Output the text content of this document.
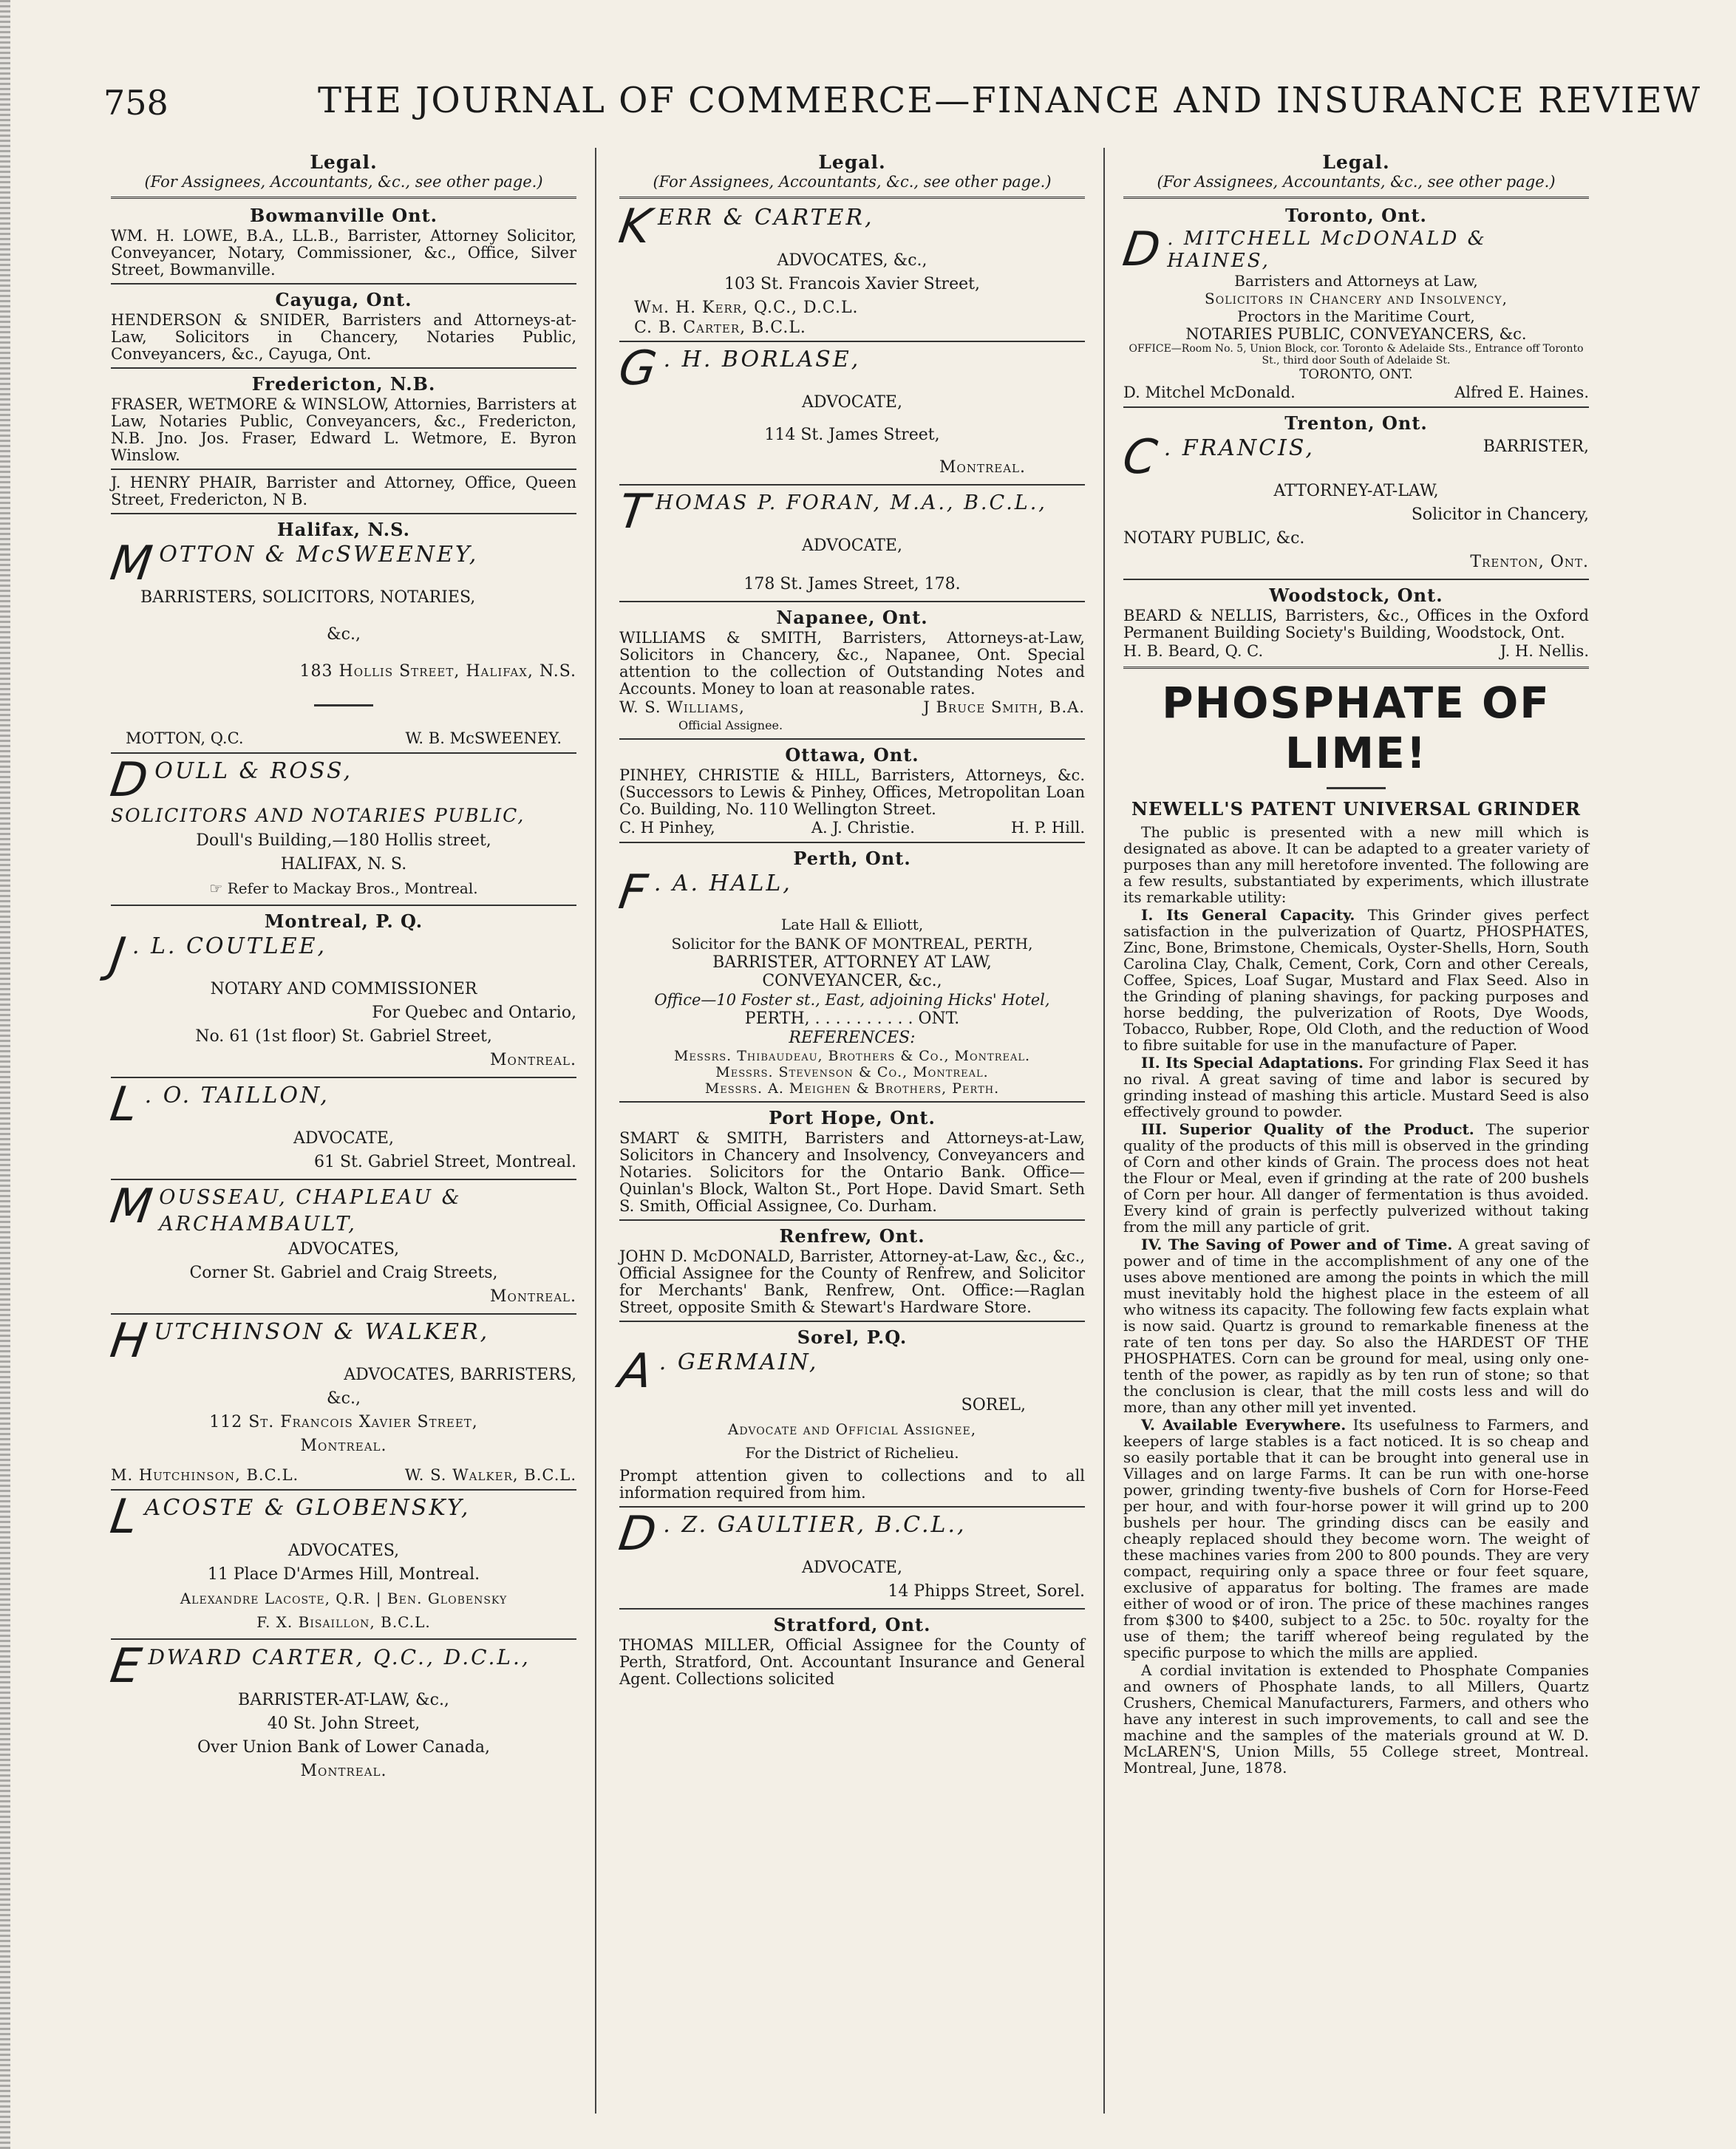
758	THE JOURNAL OF COMMERCE—FINANCE AND INSURANCE REVIEW
Legal.
(For Assignees, Accountants, &c., see other page.)
Bowmanville Ont.
WM. H. LOWE, B.A., LL.B., Barrister, Attorney Solicitor, Conveyancer, Notary, Commissioner, &c., Office, Silver Street, Bowmanville.
Cayuga, Ont.
HENDERSON & SNIDER, Barristers and Attorneys-at-Law, Solicitors in Chancery, Notaries Public, Conveyancers, &c., Cayuga, Ont.
Fredericton, N.B.
FRASER, WETMORE & WINSLOW, Attornies, Barristers at Law, Notaries Public, Conveyancers, &c., Fredericton, N.B. Jno. Jos. Fraser, Edward L. Wetmore, E. Byron Winslow.
J. HENRY PHAIR, Barrister and Attorney, Office, Queen Street, Fredericton, N B.
Halifax, N.S.
M OTTON & McSWEENEY,
BARRISTERS, SOLICITORS, NOTARIES,
&c.,
183 Hollis Street, Halifax, N.S.
MOTTON, Q.C.	W. B. McSWEENEY.
D OULL & ROSS,
SOLICITORS AND NOTARIES PUBLIC,
Doull's Building,—180 Hollis street,
HALIFAX, N. S.
☞ Refer to Mackay Bros., Montreal.
Montreal, P. Q.
J . L. COUTLEE,
NOTARY AND COMMISSIONER
For Quebec and Ontario,
No. 61 (1st floor) St. Gabriel Street,
Montreal.
L . O. TAILLON,
ADVOCATE,
61 St. Gabriel Street, Montreal.
M OUSSEAU, CHAPLEAU & ARCHAMBAULT,
ADVOCATES,
Corner St. Gabriel and Craig Streets,
Montreal.
H UTCHINSON & WALKER,
ADVOCATES, BARRISTERS,
&c.,
112 St. Francois Xavier Street,
Montreal.
M. Hutchinson, B.C.L.	W. S. Walker, B.C.L.
L ACOSTE & GLOBENSKY,
ADVOCATES,
11 Place D'Armes Hill, Montreal.
Alexandre Lacoste, Q.R. | Ben. Globensky
F. X. Bisaillon, B.C.L.
E DWARD CARTER, Q.C., D.C.L.,
BARRISTER-AT-LAW, &c.,
40 St. John Street,
Over Union Bank of Lower Canada,
Montreal.
Legal.
(For Assignees, Accountants, &c., see other page.)
K ERR & CARTER,
ADVOCATES, &c.,
103 St. Francois Xavier Street,
Wm. H. Kerr, Q.C., D.C.L.
C. B. Carter, B.C.L.
G . H. BORLASE,
ADVOCATE,
114 St. James Street,
Montreal.
T HOMAS P. FORAN, M.A., B.C.L.,
ADVOCATE,
178 St. James Street, 178.
Napanee, Ont.
WILLIAMS & SMITH, Barristers, Attorneys-at-Law, Solicitors in Chancery, &c., Napanee, Ont. Special attention to the collection of Outstanding Notes and Accounts. Money to loan at reasonable rates.
W. S. Williams,	J Bruce Smith, B.A.
Official Assignee.
Ottawa, Ont.
PINHEY, CHRISTIE & HILL, Barristers, Attorneys, &c. (Successors to Lewis & Pinhey, Offices, Metropolitan Loan Co. Building, No. 110 Wellington Street.
C. H Pinhey,	A. J. Christie.	H. P. Hill.
Perth, Ont.
F . A. HALL,
Late Hall & Elliott,
Solicitor for the BANK OF MONTREAL, PERTH,
BARRISTER, ATTORNEY AT LAW,
CONVEYANCER, &c.,
Office—10 Foster st., East, adjoining Hicks' Hotel,
PERTH, . . . . . . . . . . ONT.
REFERENCES:
Messrs. Thibaudeau, Brothers & Co., Montreal.
Messrs. Stevenson & Co., Montreal.
Messrs. A. Meighen & Brothers, Perth.
Port Hope, Ont.
SMART & SMITH, Barristers and Attorneys-at-Law, Solicitors in Chancery and Insolvency, Conveyancers and Notaries. Solicitors for the Ontario Bank. Office—Quinlan's Block, Walton St., Port Hope. David Smart. Seth S. Smith, Official Assignee, Co. Durham.
Renfrew, Ont.
JOHN D. McDONALD, Barrister, Attorney-at-Law, &c., &c., Official Assignee for the County of Renfrew, and Solicitor for Merchants' Bank, Renfrew, Ont. Office:—Raglan Street, opposite Smith & Stewart's Hardware Store.
Sorel, P.Q.
A . GERMAIN,
SOREL,
Advocate and Official Assignee,
For the District of Richelieu.
Prompt attention given to collections and to all information required from him.
D . Z. GAULTIER, B.C.L.,
ADVOCATE,
14 Phipps Street, Sorel.
Stratford, Ont.
THOMAS MILLER, Official Assignee for the County of Perth, Stratford, Ont. Accountant Insurance and General Agent. Collections solicited
Legal.
(For Assignees, Accountants, &c., see other page.)
Toronto, Ont.
D . MITCHELL McDONALD & HAINES,
Barristers and Attorneys at Law,
Solicitors in Chancery and Insolvency,
Proctors in the Maritime Court,
NOTARIES PUBLIC, CONVEYANCERS, &c.
OFFICE—Room No. 5, Union Block, cor. Toronto & Adelaide Sts., Entrance off Toronto St., third door South of Adelaide St.
TORONTO, ONT.
D. Mitchel McDonald.	Alfred E. Haines.
Trenton, Ont.
C . FRANCIS,	BARRISTER,
ATTORNEY-AT-LAW,
Solicitor in Chancery,
NOTARY PUBLIC, &c.
Trenton, Ont.
Woodstock, Ont.
BEARD & NELLIS, Barristers, &c., Offices in the Oxford Permanent Building Society's Building, Woodstock, Ont.
H. B. Beard, Q. C.	J. H. Nellis.
PHOSPHATE OF LIME!
NEWELL'S PATENT UNIVERSAL GRINDER
The public is presented with a new mill which is designated as above. It can be adapted to a greater variety of purposes than any mill heretofore invented. The following are a few results, substantiated by experiments, which illustrate its remarkable utility:
I. Its General Capacity. This Grinder gives perfect satisfaction in the pulverization of Quartz, PHOSPHATES, Zinc, Bone, Brimstone, Chemicals, Oyster-Shells, Horn, South Carolina Clay, Chalk, Cement, Cork, Corn and other Cereals, Coffee, Spices, Loaf Sugar, Mustard and Flax Seed. Also in the Grinding of planing shavings, for packing purposes and horse bedding, the pulverization of Roots, Dye Woods, Tobacco, Rubber, Rope, Old Cloth, and the reduction of Wood to fibre suitable for use in the manufacture of Paper.
II. Its Special Adaptations. For grinding Flax Seed it has no rival. A great saving of time and labor is secured by grinding instead of mashing this article. Mustard Seed is also effectively ground to powder.
III. Superior Quality of the Product. The superior quality of the products of this mill is observed in the grinding of Corn and other kinds of Grain. The process does not heat the Flour or Meal, even if grinding at the rate of 200 bushels of Corn per hour. All danger of fermentation is thus avoided. Every kind of grain is perfectly pulverized without taking from the mill any particle of grit.
IV. The Saving of Power and of Time. A great saving of power and of time in the accomplishment of any one of the uses above mentioned are among the points in which the mill must inevitably hold the highest place in the esteem of all who witness its capacity. The following few facts explain what is now said. Quartz is ground to remarkable fineness at the rate of ten tons per day. So also the HARDEST OF THE PHOSPHATES. Corn can be ground for meal, using only one-tenth of the power, as rapidly as by ten run of stone; so that the conclusion is clear, that the mill costs less and will do more, than any other mill yet invented.
V. Available Everywhere. Its usefulness to Farmers, and keepers of large stables is a fact noticed. It is so cheap and so easily portable that it can be brought into general use in Villages and on large Farms. It can be run with one-horse power, grinding twenty-five bushels of Corn for Horse-Feed per hour, and with four-horse power it will grind up to 200 bushels per hour. The grinding discs can be easily and cheaply replaced should they become worn. The weight of these machines varies from 200 to 800 pounds. They are very compact, requiring only a space three or four feet square, exclusive of apparatus for bolting. The frames are made either of wood or of iron. The price of these machines ranges from $300 to $400, subject to a 25c. to 50c. royalty for the use of them; the tariff whereof being regulated by the specific purpose to which the mills are applied.
A cordial invitation is extended to Phosphate Companies and owners of Phosphate lands, to all Millers, Quartz Crushers, Chemical Manufacturers, Farmers, and others who have any interest in such improvements, to call and see the machine and the samples of the materials ground at W. D. McLAREN'S, Union Mills, 55 College street, Montreal. Montreal, June, 1878.
